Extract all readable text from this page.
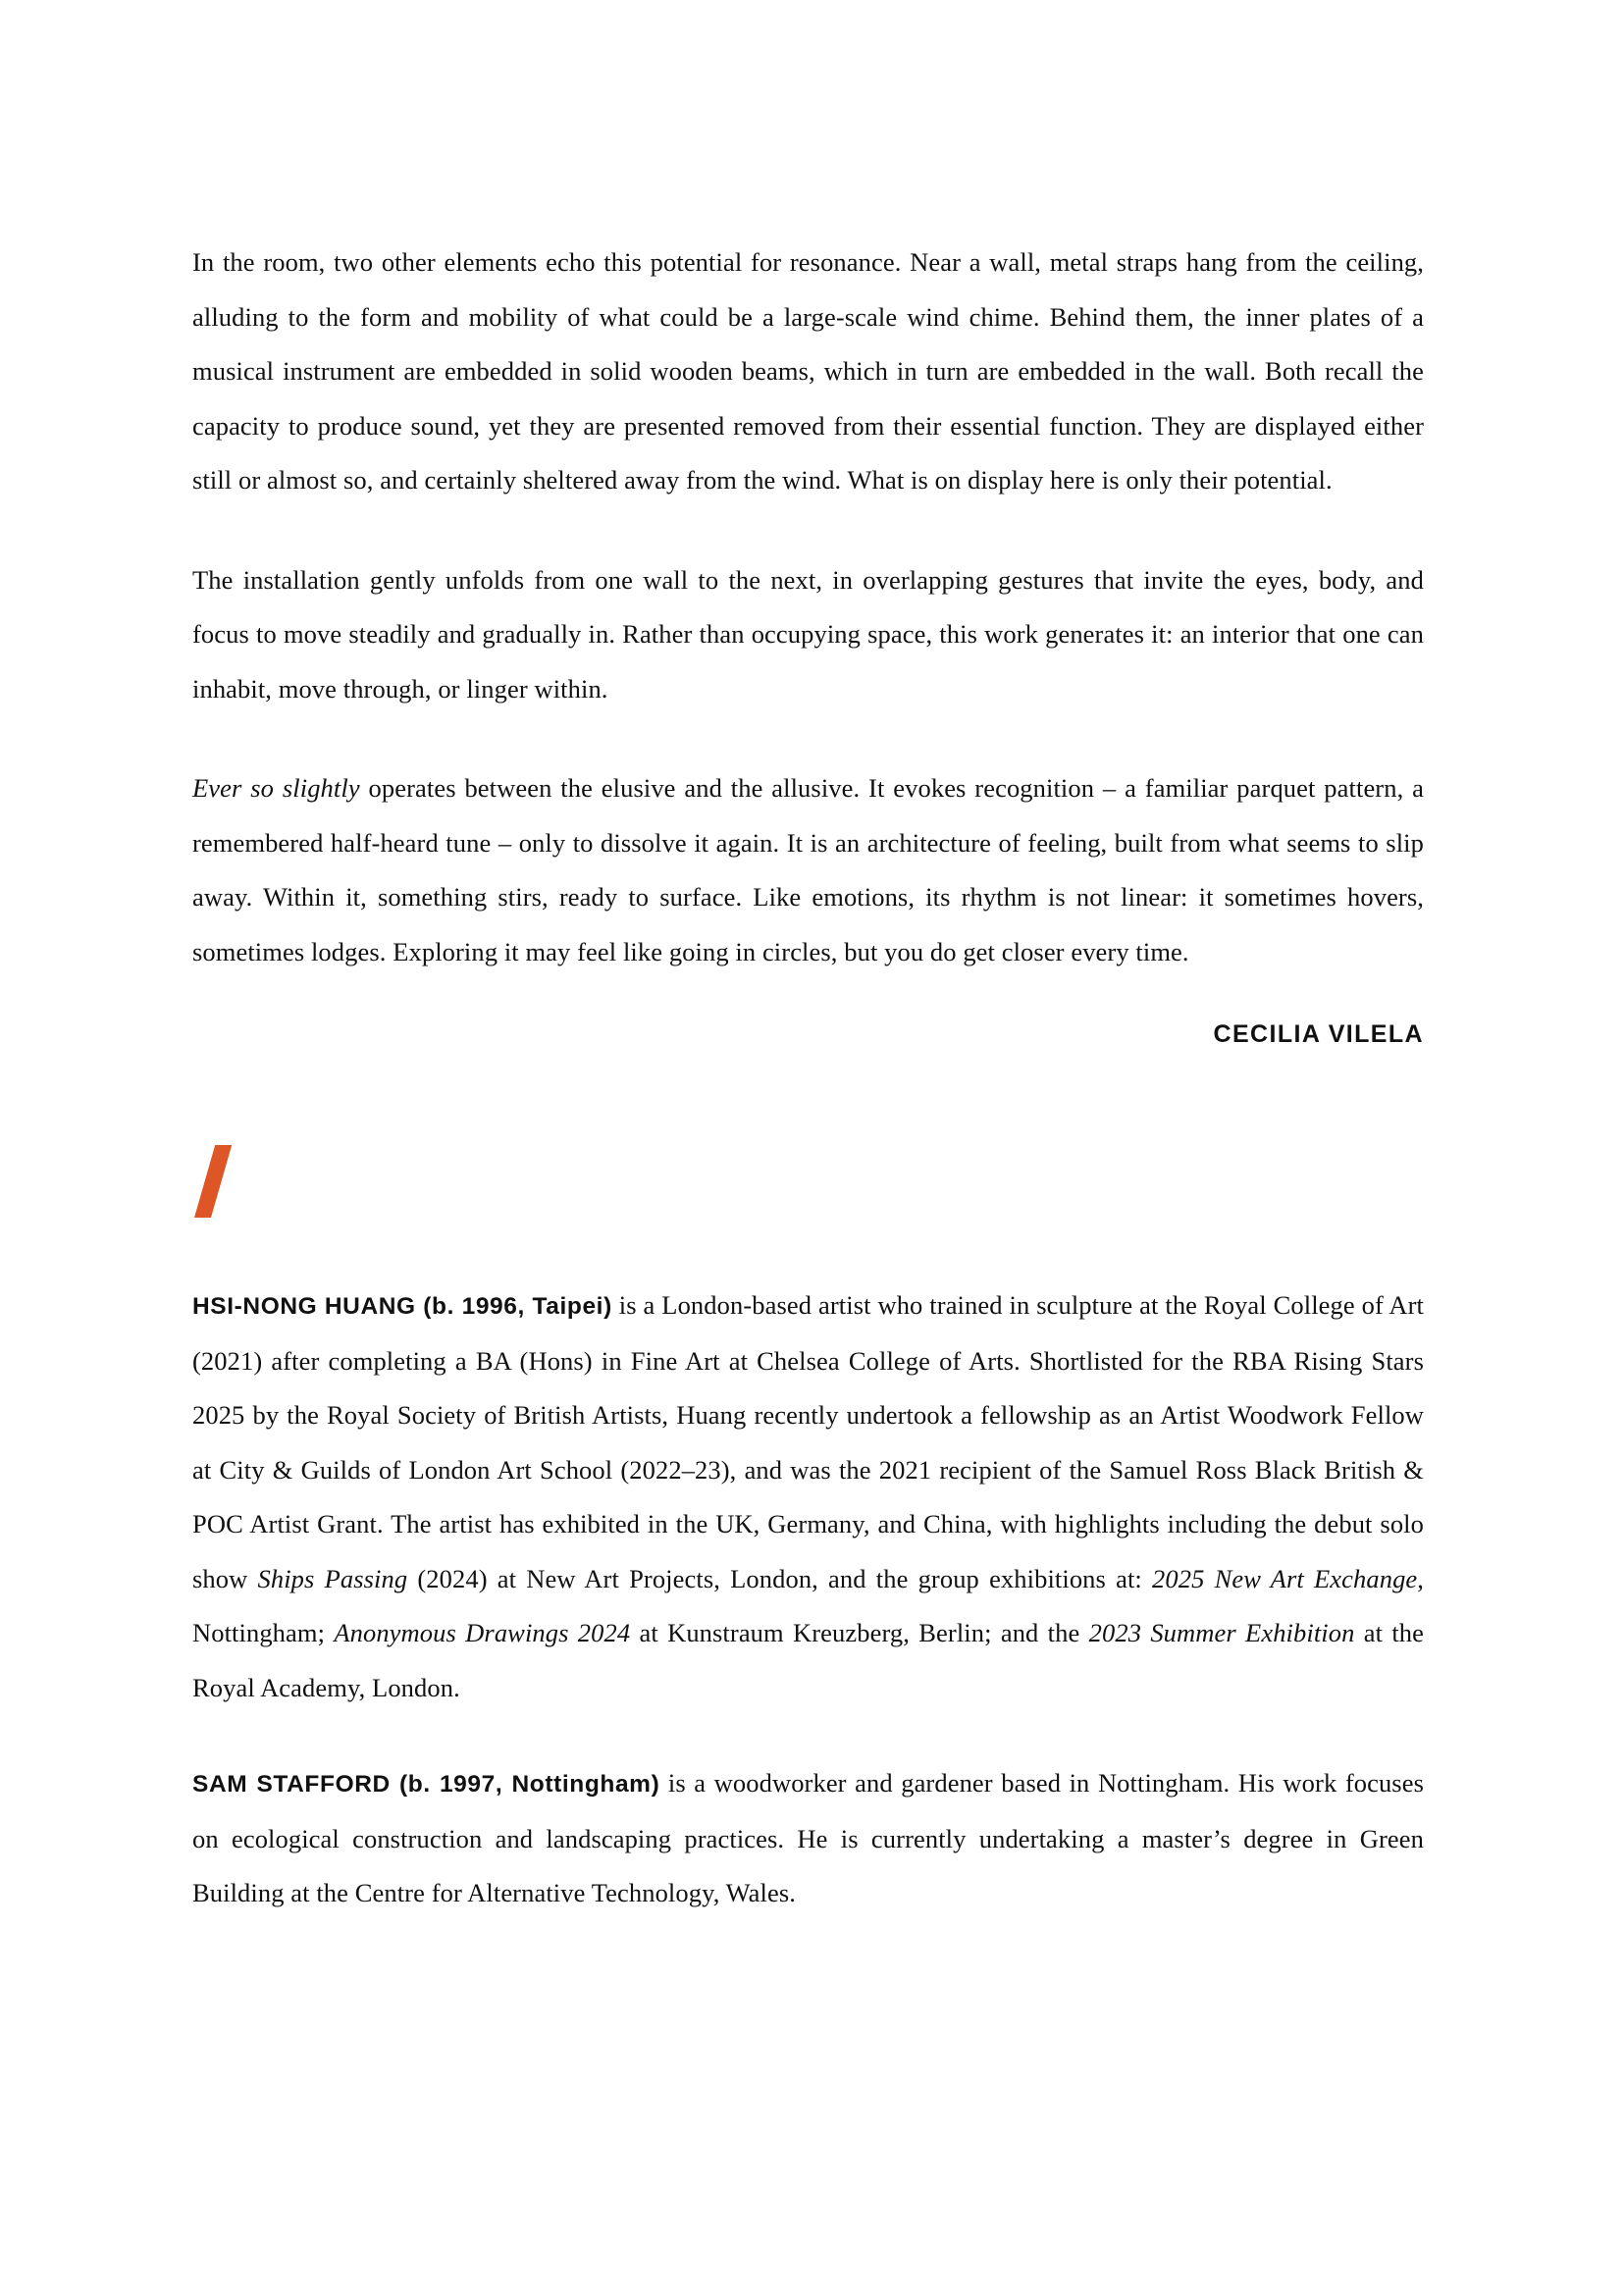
In the room, two other elements echo this potential for resonance. Near a wall, metal straps hang from the ceiling, alluding to the form and mobility of what could be a large-scale wind chime. Behind them, the inner plates of a musical instrument are embedded in solid wooden beams, which in turn are embedded in the wall. Both recall the capacity to produce sound, yet they are presented removed from their essential function. They are displayed either still or almost so, and certainly sheltered away from the wind. What is on display here is only their potential.

The installation gently unfolds from one wall to the next, in overlapping gestures that invite the eyes, body, and focus to move steadily and gradually in. Rather than occupying space, this work generates it: an interior that one can inhabit, move through, or linger within.

Ever so slightly operates between the elusive and the allusive. It evokes recognition – a familiar parquet pattern, a remembered half-heard tune – only to dissolve it again. It is an architecture of feeling, built from what seems to slip away. Within it, something stirs, ready to surface. Like emotions, its rhythm is not linear: it sometimes hovers, sometimes lodges. Exploring it may feel like going in circles, but you do get closer every time.

CECILIA VILELA

HSI-NONG HUANG (b. 1996, Taipei) is a London-based artist who trained in sculpture at the Royal College of Art (2021) after completing a BA (Hons) in Fine Art at Chelsea College of Arts. Shortlisted for the RBA Rising Stars 2025 by the Royal Society of British Artists, Huang recently undertook a fellowship as an Artist Woodwork Fellow at City & Guilds of London Art School (2022–23), and was the 2021 recipient of the Samuel Ross Black British & POC Artist Grant. The artist has exhibited in the UK, Germany, and China, with highlights including the debut solo show Ships Passing (2024) at New Art Projects, London, and the group exhibitions at: 2025 New Art Exchange, Nottingham; Anonymous Drawings 2024 at Kunstraum Kreuzberg, Berlin; and the 2023 Summer Exhibition at the Royal Academy, London.

SAM STAFFORD (b. 1997, Nottingham) is a woodworker and gardener based in Nottingham. His work focuses on ecological construction and landscaping practices. He is currently undertaking a master’s degree in Green Building at the Centre for Alternative Technology, Wales.
